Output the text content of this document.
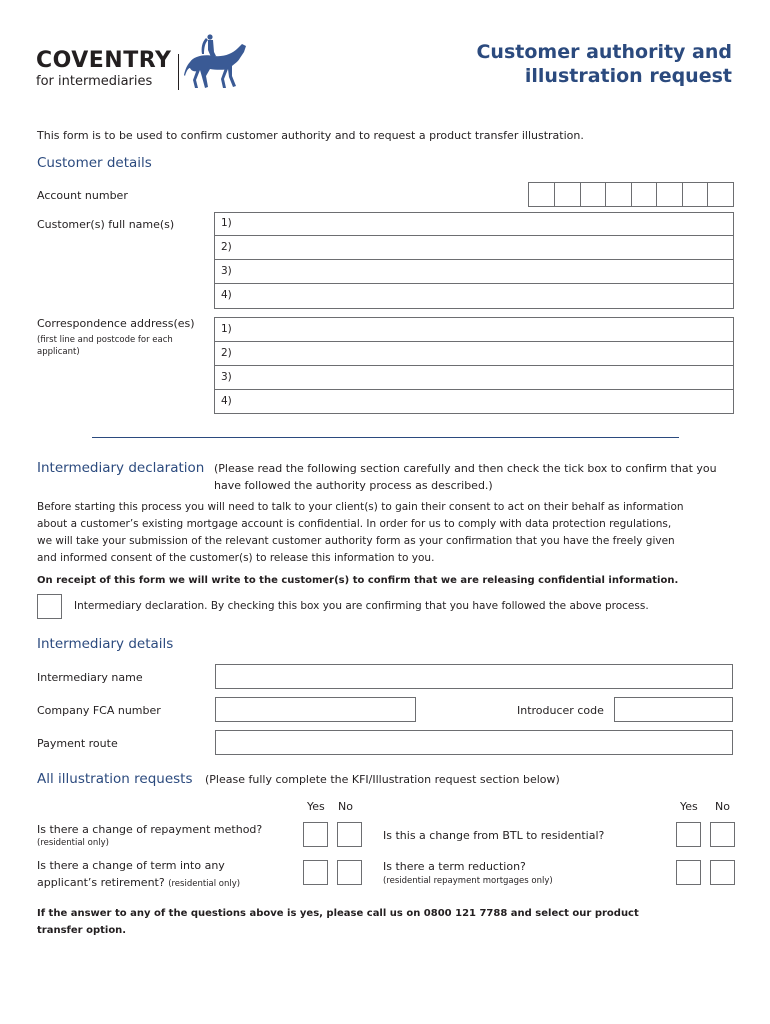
COVENTRY
for intermediaries
Customer authority and
illustration request
This form is to be used to confirm customer authority and to request a product transfer illustration.
Customer details
Account number
Customer(s) full name(s)	1)
2)
3)
4)
Correspondence address(es)
(first line and postcode for each
applicant)
1)
2)
3)
4)
Intermediary declaration (Please read the following section carefully and then check the tick box to confirm that you
have followed the authority process as described.)
Before starting this process you will need to talk to your client(s) to gain their consent to act on their behalf as information
about a customer’s existing mortgage account is confidential. In order for us to comply with data protection regulations,
we will take your submission of the relevant customer authority form as your confirmation that you have the freely given
and informed consent of the customer(s) to release this information to you.
On receipt of this form we will write to the customer(s) to confirm that we are releasing confidential information.
Intermediary declaration. By checking this box you are confirming that you have followed the above process.
Intermediary details
Intermediary name
Company FCA number	Introducer code
Payment route
All illustration requests (Please fully complete the KFI/Illustration request section below)
Yes No	Yes No
Is there a change of repayment method?
(residential only)
Is this a change from BTL to residential?
Is there a change of term into any
applicant’s retirement? (residential only)
Is there a term reduction?
(residential repayment mortgages only)
If the answer to any of the questions above is yes, please call us on 0800 121 7788 and select our product
transfer option.
